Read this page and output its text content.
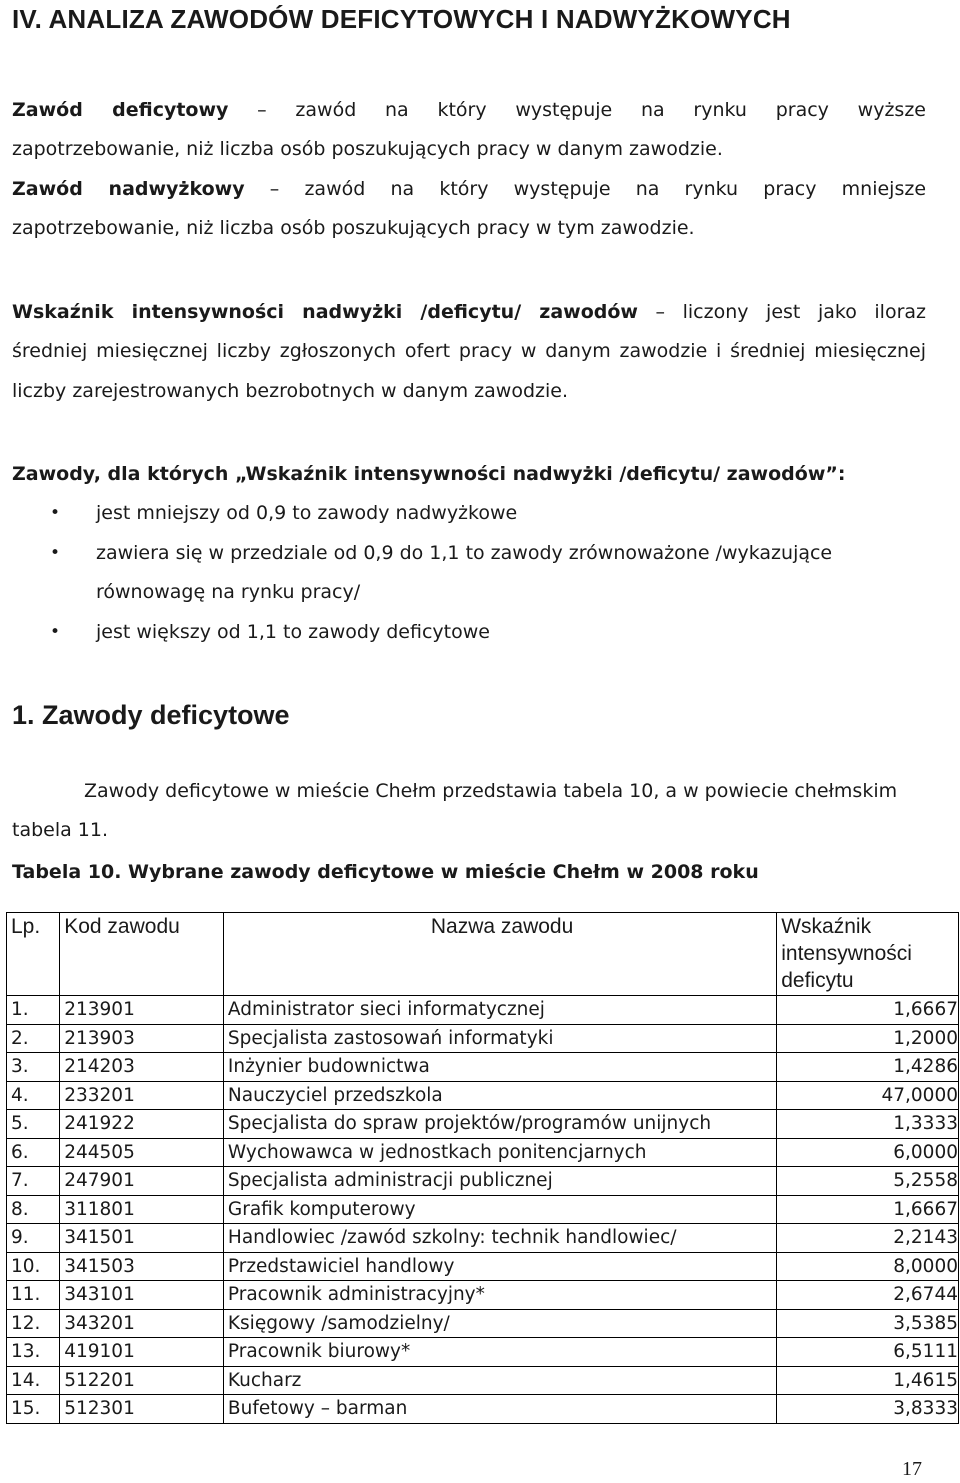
IV. ANALIZA ZAWODÓW DEFICYTOWYCH I NADWYŻKOWYCH
Zawód deficytowy – zawód na który występuje na rynku pracy wyższe
zapotrzebowanie, niż liczba osób poszukujących pracy w danym zawodzie.
Zawód nadwyżkowy – zawód na który występuje na rynku pracy mniejsze
zapotrzebowanie, niż liczba osób poszukujących pracy w tym zawodzie.
Wskaźnik intensywności nadwyżki /deficytu/ zawodów – liczony jest jako iloraz
średniej miesięcznej liczby zgłoszonych ofert pracy w danym zawodzie i średniej miesięcznej
liczby zarejestrowanych bezrobotnych w danym zawodzie.
Zawody, dla których „Wskaźnik intensywności nadwyżki /deficytu/ zawodów”:
• jest mniejszy od 0,9 to zawody nadwyżkowe
• zawiera się w przedziale od 0,9 do 1,1 to zawody zrównoważone /wykazujące
równowagę na rynku pracy/
• jest większy od 1,1 to zawody deficytowe
1. Zawody deficytowe
Zawody deficytowe w mieście Chełm przedstawia tabela 10, a w powiecie chełmskim
tabela 11.
Tabela 10. Wybrane zawody deficytowe w mieście Chełm w 2008 roku
Lp.	Kod zawodu	Nazwa zawodu	Wskaźnik intensywności deficytu
1.	213901	Administrator sieci informatycznej	1,6667
2.	213903	Specjalista zastosowań informatyki	1,2000
3.	214203	Inżynier budownictwa	1,4286
4.	233201	Nauczyciel przedszkola	47,0000
5.	241922	Specjalista do spraw projektów/programów unijnych	1,3333
6.	244505	Wychowawca w jednostkach ponitencjarnych	6,0000
7.	247901	Specjalista administracji publicznej	5,2558
8.	311801	Grafik komputerowy	1,6667
9.	341501	Handlowiec /zawód szkolny: technik handlowiec/	2,2143
10.	341503	Przedstawiciel handlowy	8,0000
11.	343101	Pracownik administracyjny*	2,6744
12.	343201	Księgowy /samodzielny/	3,5385
13.	419101	Pracownik biurowy*	6,5111
14.	512201	Kucharz	1,4615
15.	512301	Bufetowy – barman	3,8333
17
